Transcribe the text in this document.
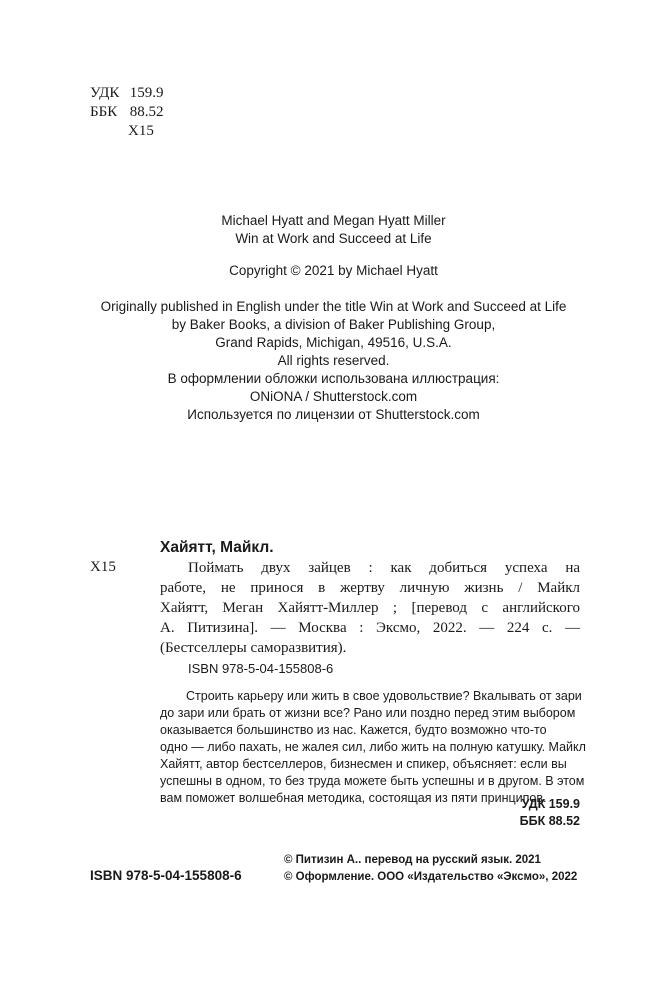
УДК 159.9
ББК 88.52
Х15
Michael Hyatt and Megan Hyatt Miller
Win at Work and Succeed at Life
Copyright © 2021 by Michael Hyatt
Originally published in English under the title Win at Work and Succeed at Life
by Baker Books, a division of Baker Publishing Group,
Grand Rapids, Michigan, 49516, U.S.A.
All rights reserved.
В оформлении обложки использована иллюстрация:
ONiONA / Shutterstock.com
Используется по лицензии от Shutterstock.com
Хайятт, Майкл.
Х15	Поймать двух зайцев : как добиться успеха на
работе, не принося в жертву личную жизнь / Майкл
Хайятт, Меган Хайятт-Миллер ; [перевод с английского
А. Питизина]. — Москва : Эксмо, 2022. — 224 с. —
(Бестселлеры саморазвития).
ISBN 978-5-04-155808-6
Строить карьеру или жить в свое удовольствие? Вкалывать от зари
до зари или брать от жизни все? Рано или поздно перед этим выбором
оказывается большинство из нас. Кажется, будто возможно что-то
одно — либо пахать, не жалея сил, либо жить на полную катушку. Майкл
Хайятт, автор бестселлеров, бизнесмен и спикер, объясняет: если вы
успешны в одном, то без труда можете быть успешны и в другом. В этом
вам поможет волшебная методика, состоящая из пяти принципов.
УДК 159.9
ББК 88.52
ISBN 978-5-04-155808-6
© Питизин А.. перевод на русский язык. 2021
© Оформление. ООО «Издательство «Эксмо», 2022
